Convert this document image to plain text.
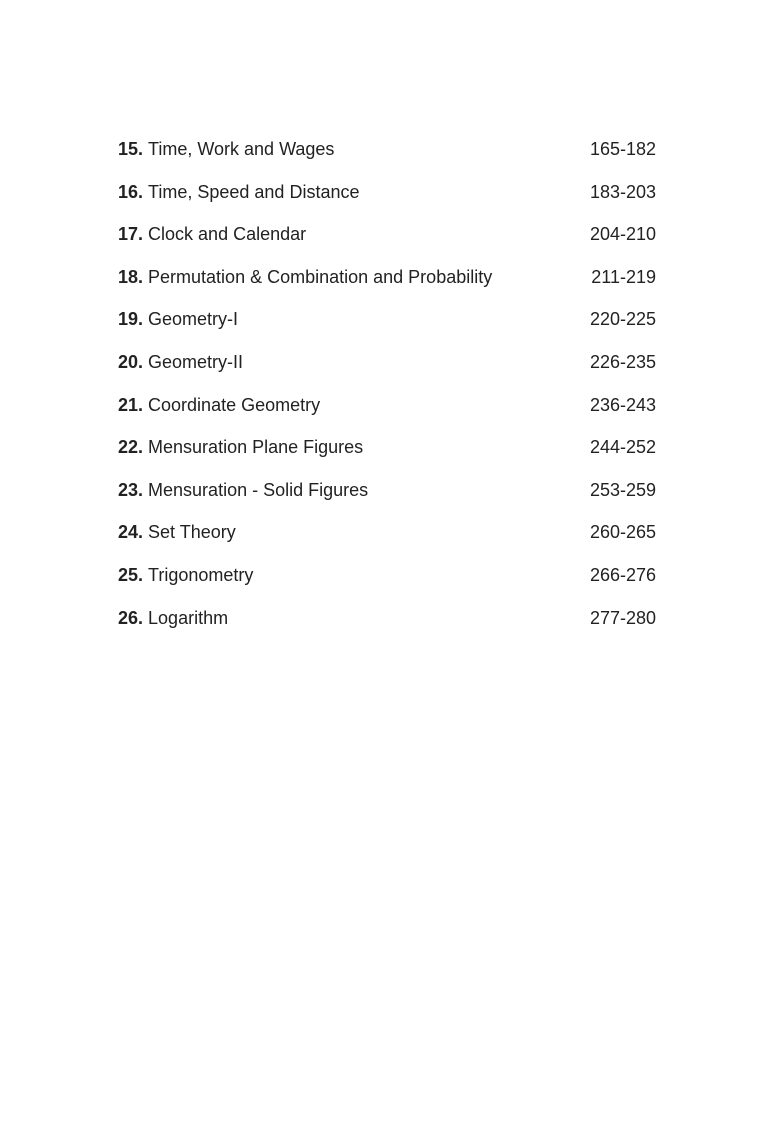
15. Time, Work and Wages	165-182
16. Time, Speed and Distance	183-203
17. Clock and Calendar	204-210
18. Permutation & Combination and Probability	211-219
19. Geometry-I	220-225
20. Geometry-II	226-235
21. Coordinate Geometry	236-243
22. Mensuration Plane Figures	244-252
23. Mensuration - Solid Figures	253-259
24. Set Theory	260-265
25. Trigonometry	266-276
26. Logarithm	277-280
